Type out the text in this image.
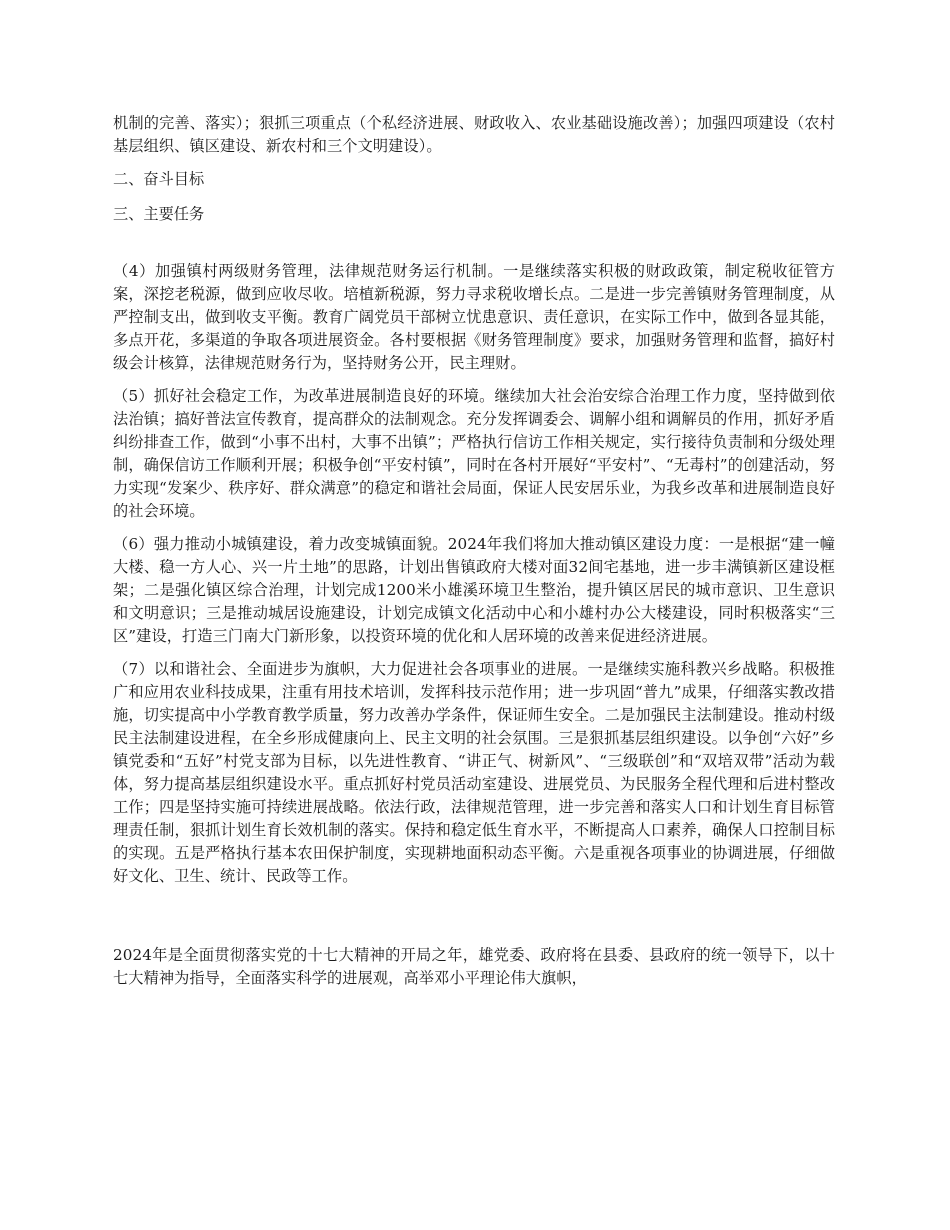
机制的完善、落实）；狠抓三项重点（个私经济进展、财政收入、农业基础设施改善）；加强四项建设（农村基层组织、镇区建设、新农村和三个文明建设）。

二、奋斗目标

三、主要任务

（4）加强镇村两级财务管理，法律规范财务运行机制。一是继续落实积极的财政政策，制定税收征管方案，深挖老税源，做到应收尽收。培植新税源，努力寻求税收增长点。二是进一步完善镇财务管理制度，从严控制支出，做到收支平衡。教育广阔党员干部树立忧患意识、责任意识，在实际工作中，做到各显其能，多点开花，多渠道的争取各项进展资金。各村要根据《财务管理制度》要求，加强财务管理和监督，搞好村级会计核算，法律规范财务行为，坚持财务公开，民主理财。

（5）抓好社会稳定工作，为改革进展制造良好的环境。继续加大社会治安综合治理工作力度，坚持做到依法治镇；搞好普法宣传教育，提高群众的法制观念。充分发挥调委会、调解小组和调解员的作用，抓好矛盾纠纷排查工作，做到“小事不出村，大事不出镇”；严格执行信访工作相关规定，实行接待负责制和分级处理制，确保信访工作顺利开展；积极争创“平安村镇”，同时在各村开展好“平安村”、“无毒村”的创建活动，努力实现“发案少、秩序好、群众满意”的稳定和谐社会局面，保证人民安居乐业，为我乡改革和进展制造良好的社会环境。

（6）强力推动小城镇建设，着力改变城镇面貌。2024年我们将加大推动镇区建设力度：一是根据“建一幢大楼、稳一方人心、兴一片土地”的思路，计划出售镇政府大楼对面32间宅基地，进一步丰满镇新区建设框架；二是强化镇区综合治理，计划完成1200米小雄溪环境卫生整治，提升镇区居民的城市意识、卫生意识和文明意识；三是推动城居设施建设，计划完成镇文化活动中心和小雄村办公大楼建设，同时积极落实“三区”建设，打造三门南大门新形象，以投资环境的优化和人居环境的改善来促进经济进展。

（7）以和谐社会、全面进步为旗帜，大力促进社会各项事业的进展。一是继续实施科教兴乡战略。积极推广和应用农业科技成果，注重有用技术培训，发挥科技示范作用；进一步巩固“普九”成果，仔细落实教改措施，切实提高中小学教育教学质量，努力改善办学条件，保证师生安全。二是加强民主法制建设。推动村级民主法制建设进程，在全乡形成健康向上、民主文明的社会氛围。三是狠抓基层组织建设。以争创“六好”乡镇党委和“五好”村党支部为目标，以先进性教育、“讲正气、树新风”、“三级联创”和“双培双带”活动为载体，努力提高基层组织建设水平。重点抓好村党员活动室建设、进展党员、为民服务全程代理和后进村整改工作；四是坚持实施可持续进展战略。依法行政，法律规范管理，进一步完善和落实人口和计划生育目标管理责任制，狠抓计划生育长效机制的落实。保持和稳定低生育水平，不断提高人口素养，确保人口控制目标的实现。五是严格执行基本农田保护制度，实现耕地面积动态平衡。六是重视各项事业的协调进展，仔细做好文化、卫生、统计、民政等工作。

2024年是全面贯彻落实党的十七大精神的开局之年，雄党委、政府将在县委、县政府的统一领导下，以十七大精神为指导，全面落实科学的进展观，高举邓小平理论伟大旗帜，
